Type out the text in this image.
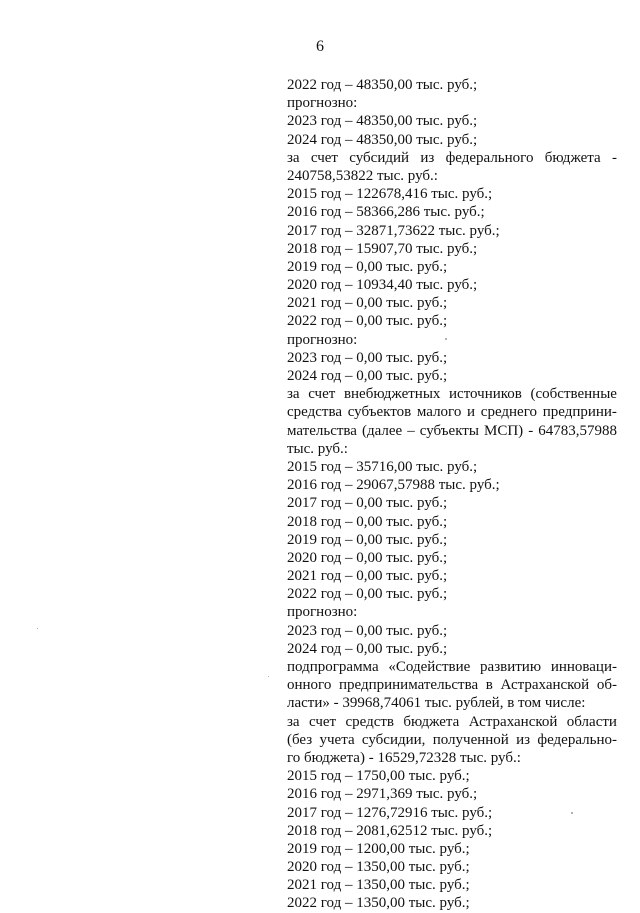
6
2022 год – 48350,00 тыс. руб.;
прогнозно:
2023 год – 48350,00 тыс. руб.;
2024 год – 48350,00 тыс. руб.;
за счет субсидий из федерального бюджета -
240758,53822 тыс. руб.:
2015 год – 122678,416 тыс. руб.;
2016 год – 58366,286 тыс. руб.;
2017 год – 32871,73622 тыс. руб.;
2018 год – 15907,70 тыс. руб.;
2019 год – 0,00 тыс. руб.;
2020 год – 10934,40 тыс. руб.;
2021 год – 0,00 тыс. руб.;
2022 год – 0,00 тыс. руб.;
прогнозно:
2023 год – 0,00 тыс. руб.;
2024 год – 0,00 тыс. руб.;
за счет внебюджетных источников (собственные
средства субъектов малого и среднего предприни-
мательства (далее – субъекты МСП) - 64783,57988
тыс. руб.:
2015 год – 35716,00 тыс. руб.;
2016 год – 29067,57988 тыс. руб.;
2017 год – 0,00 тыс. руб.;
2018 год – 0,00 тыс. руб.;
2019 год – 0,00 тыс. руб.;
2020 год – 0,00 тыс. руб.;
2021 год – 0,00 тыс. руб.;
2022 год – 0,00 тыс. руб.;
прогнозно:
2023 год – 0,00 тыс. руб.;
2024 год – 0,00 тыс. руб.;
подпрограмма «Содействие развитию инноваци-
онного предпринимательства в Астраханской об-
ласти» - 39968,74061 тыс. рублей, в том числе:
за счет средств бюджета Астраханской области
(без учета субсидии, полученной из федерально-
го бюджета) - 16529,72328 тыс. руб.:
2015 год – 1750,00 тыс. руб.;
2016 год – 2971,369 тыс. руб.;
2017 год – 1276,72916 тыс. руб.;
2018 год – 2081,62512 тыс. руб.;
2019 год – 1200,00 тыс. руб.;
2020 год – 1350,00 тыс. руб.;
2021 год – 1350,00 тыс. руб.;
2022 год – 1350,00 тыс. руб.;
